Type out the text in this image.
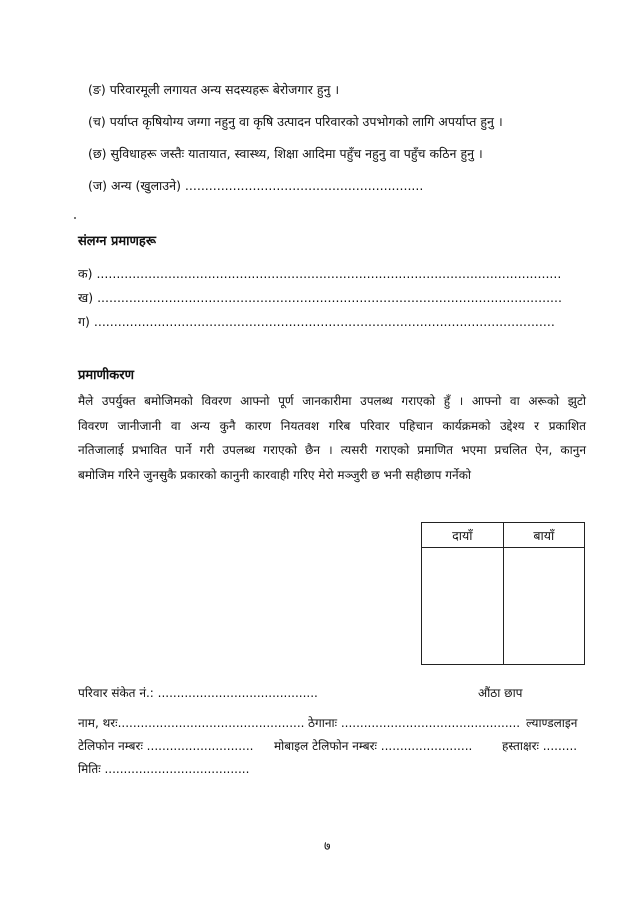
(ङ) परिवारमूली लगायत अन्य सदस्यहरू बेरोजगार हुनु ।
(च) पर्याप्त कृषियोग्य जग्गा नहुनु वा कृषि उत्पादन परिवारको उपभोगको लागि अपर्याप्त हुनु ।
(छ) सुविधाहरू जस्तैः यातायात, स्वास्थ्य, शिक्षा आदिमा पहुँच नहुनु वा पहुँच कठिन हुनु ।
(ज) अन्य (खुलाउने) ............................................................
संलग्न प्रमाणहरू
क) .....................................................................................................................
ख) .....................................................................................................................
ग) ....................................................................................................................
प्रमाणीकरण
मैले उपर्युक्त बमोजिमको विवरण आफ्नो पूर्ण जानकारीमा उपलब्ध गराएको हुँ । आफ्नो वा अरूको झुटो
विवरण जानीजानी वा अन्य कुनै कारण नियतवश गरिब परिवार पहिचान कार्यक्रमको उद्देश्य र प्रकाशित
नतिजालाई प्रभावित पार्ने गरी उपलब्ध गराएको छैन । त्यसरी गराएको प्रमाणित भएमा प्रचलित ऐन, कानुन
बमोजिम गरिने जुनसुकै प्रकारको कानुनी कारवाही गरिए मेरो मञ्जुरी छ भनी सहीछाप गर्नेको
दायाँ	बायाँ

परिवार संकेत नं.: ..........................................	औंठा छाप
नाम, थरः................................................. ठेगानाः ............................................... ल्याण्डलाइन
टेलिफोन नम्बरः ............................ मोबाइल टेलिफोन नम्बरः ........................ हस्ताक्षरः .........
मितिः ......................................
७
